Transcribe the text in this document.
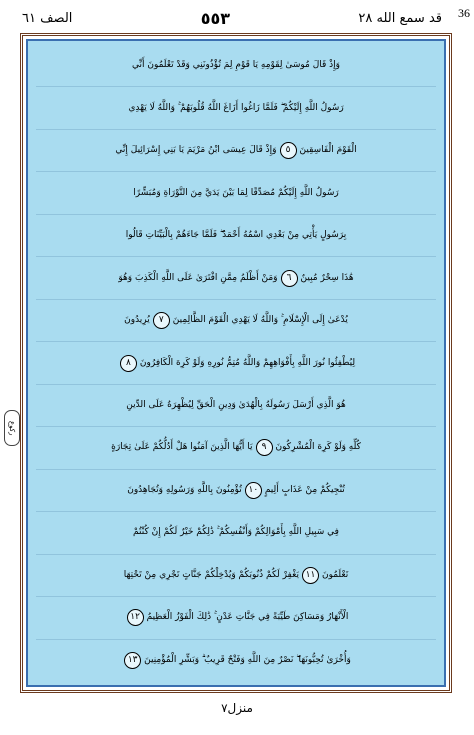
قد سمع الله ٢٨
٥٥٣
الصف ٦١	36
ركوع
وَإِذْ قَالَ مُوسَىٰ لِقَوْمِهِ يَا قَوْمِ لِمَ تُؤْذُونَنِي وَقَدْ تَعْلَمُونَ أَنِّي
رَسُولُ اللَّهِ إِلَيْكُمْ ۖ فَلَمَّا زَاغُوا أَزَاغَ اللَّهُ قُلُوبَهُمْ ۚ وَاللَّهُ لَا يَهْدِي
الْقَوْمَ الْفَاسِقِينَ
٥
وَإِذْ قَالَ عِيسَى ابْنُ مَرْيَمَ يَا بَنِي إِسْرَائِيلَ إِنِّي
رَسُولُ اللَّهِ إِلَيْكُمْ مُصَدِّقًا لِمَا بَيْنَ يَدَيَّ مِنَ التَّوْرَاةِ وَمُبَشِّرًا
بِرَسُولٍ يَأْتِي مِنْ بَعْدِي اسْمُهُ أَحْمَدُ ۖ فَلَمَّا جَاءَهُمْ بِالْبَيِّنَاتِ قَالُوا
هَٰذَا سِحْرٌ مُبِينٌ
٦
وَمَنْ أَظْلَمُ مِمَّنِ افْتَرَىٰ عَلَى اللَّهِ الْكَذِبَ وَهُوَ
يُدْعَىٰ إِلَى الْإِسْلَامِ ۚ وَاللَّهُ لَا يَهْدِي الْقَوْمَ الظَّالِمِينَ
٧
يُرِيدُونَ
لِيُطْفِئُوا نُورَ اللَّهِ بِأَفْوَاهِهِمْ وَاللَّهُ مُتِمُّ نُورِهِ وَلَوْ كَرِهَ الْكَافِرُونَ
٨
هُوَ الَّذِي أَرْسَلَ رَسُولَهُ بِالْهُدَىٰ وَدِينِ الْحَقِّ لِيُظْهِرَهُ عَلَى الدِّينِ
كُلِّهِ وَلَوْ كَرِهَ الْمُشْرِكُونَ
٩
يَا أَيُّهَا الَّذِينَ آمَنُوا هَلْ أَدُلُّكُمْ عَلَىٰ تِجَارَةٍ
تُنْجِيكُمْ مِنْ عَذَابٍ أَلِيمٍ
١٠
تُؤْمِنُونَ بِاللَّهِ وَرَسُولِهِ وَتُجَاهِدُونَ
فِي سَبِيلِ اللَّهِ بِأَمْوَالِكُمْ وَأَنْفُسِكُمْ ۚ ذَٰلِكُمْ خَيْرٌ لَكُمْ إِنْ كُنْتُمْ
تَعْلَمُونَ
١١
يَغْفِرْ لَكُمْ ذُنُوبَكُمْ وَيُدْخِلْكُمْ جَنَّاتٍ تَجْرِي مِنْ تَحْتِهَا
الْأَنْهَارُ وَمَسَاكِنَ طَيِّبَةً فِي جَنَّاتِ عَدْنٍ ۚ ذَٰلِكَ الْفَوْزُ الْعَظِيمُ
١٢
وَأُخْرَىٰ تُحِبُّونَهَا ۖ نَصْرٌ مِنَ اللَّهِ وَفَتْحٌ قَرِيبٌ ۗ وَبَشِّرِ الْمُؤْمِنِينَ
١٣
منزل٧
